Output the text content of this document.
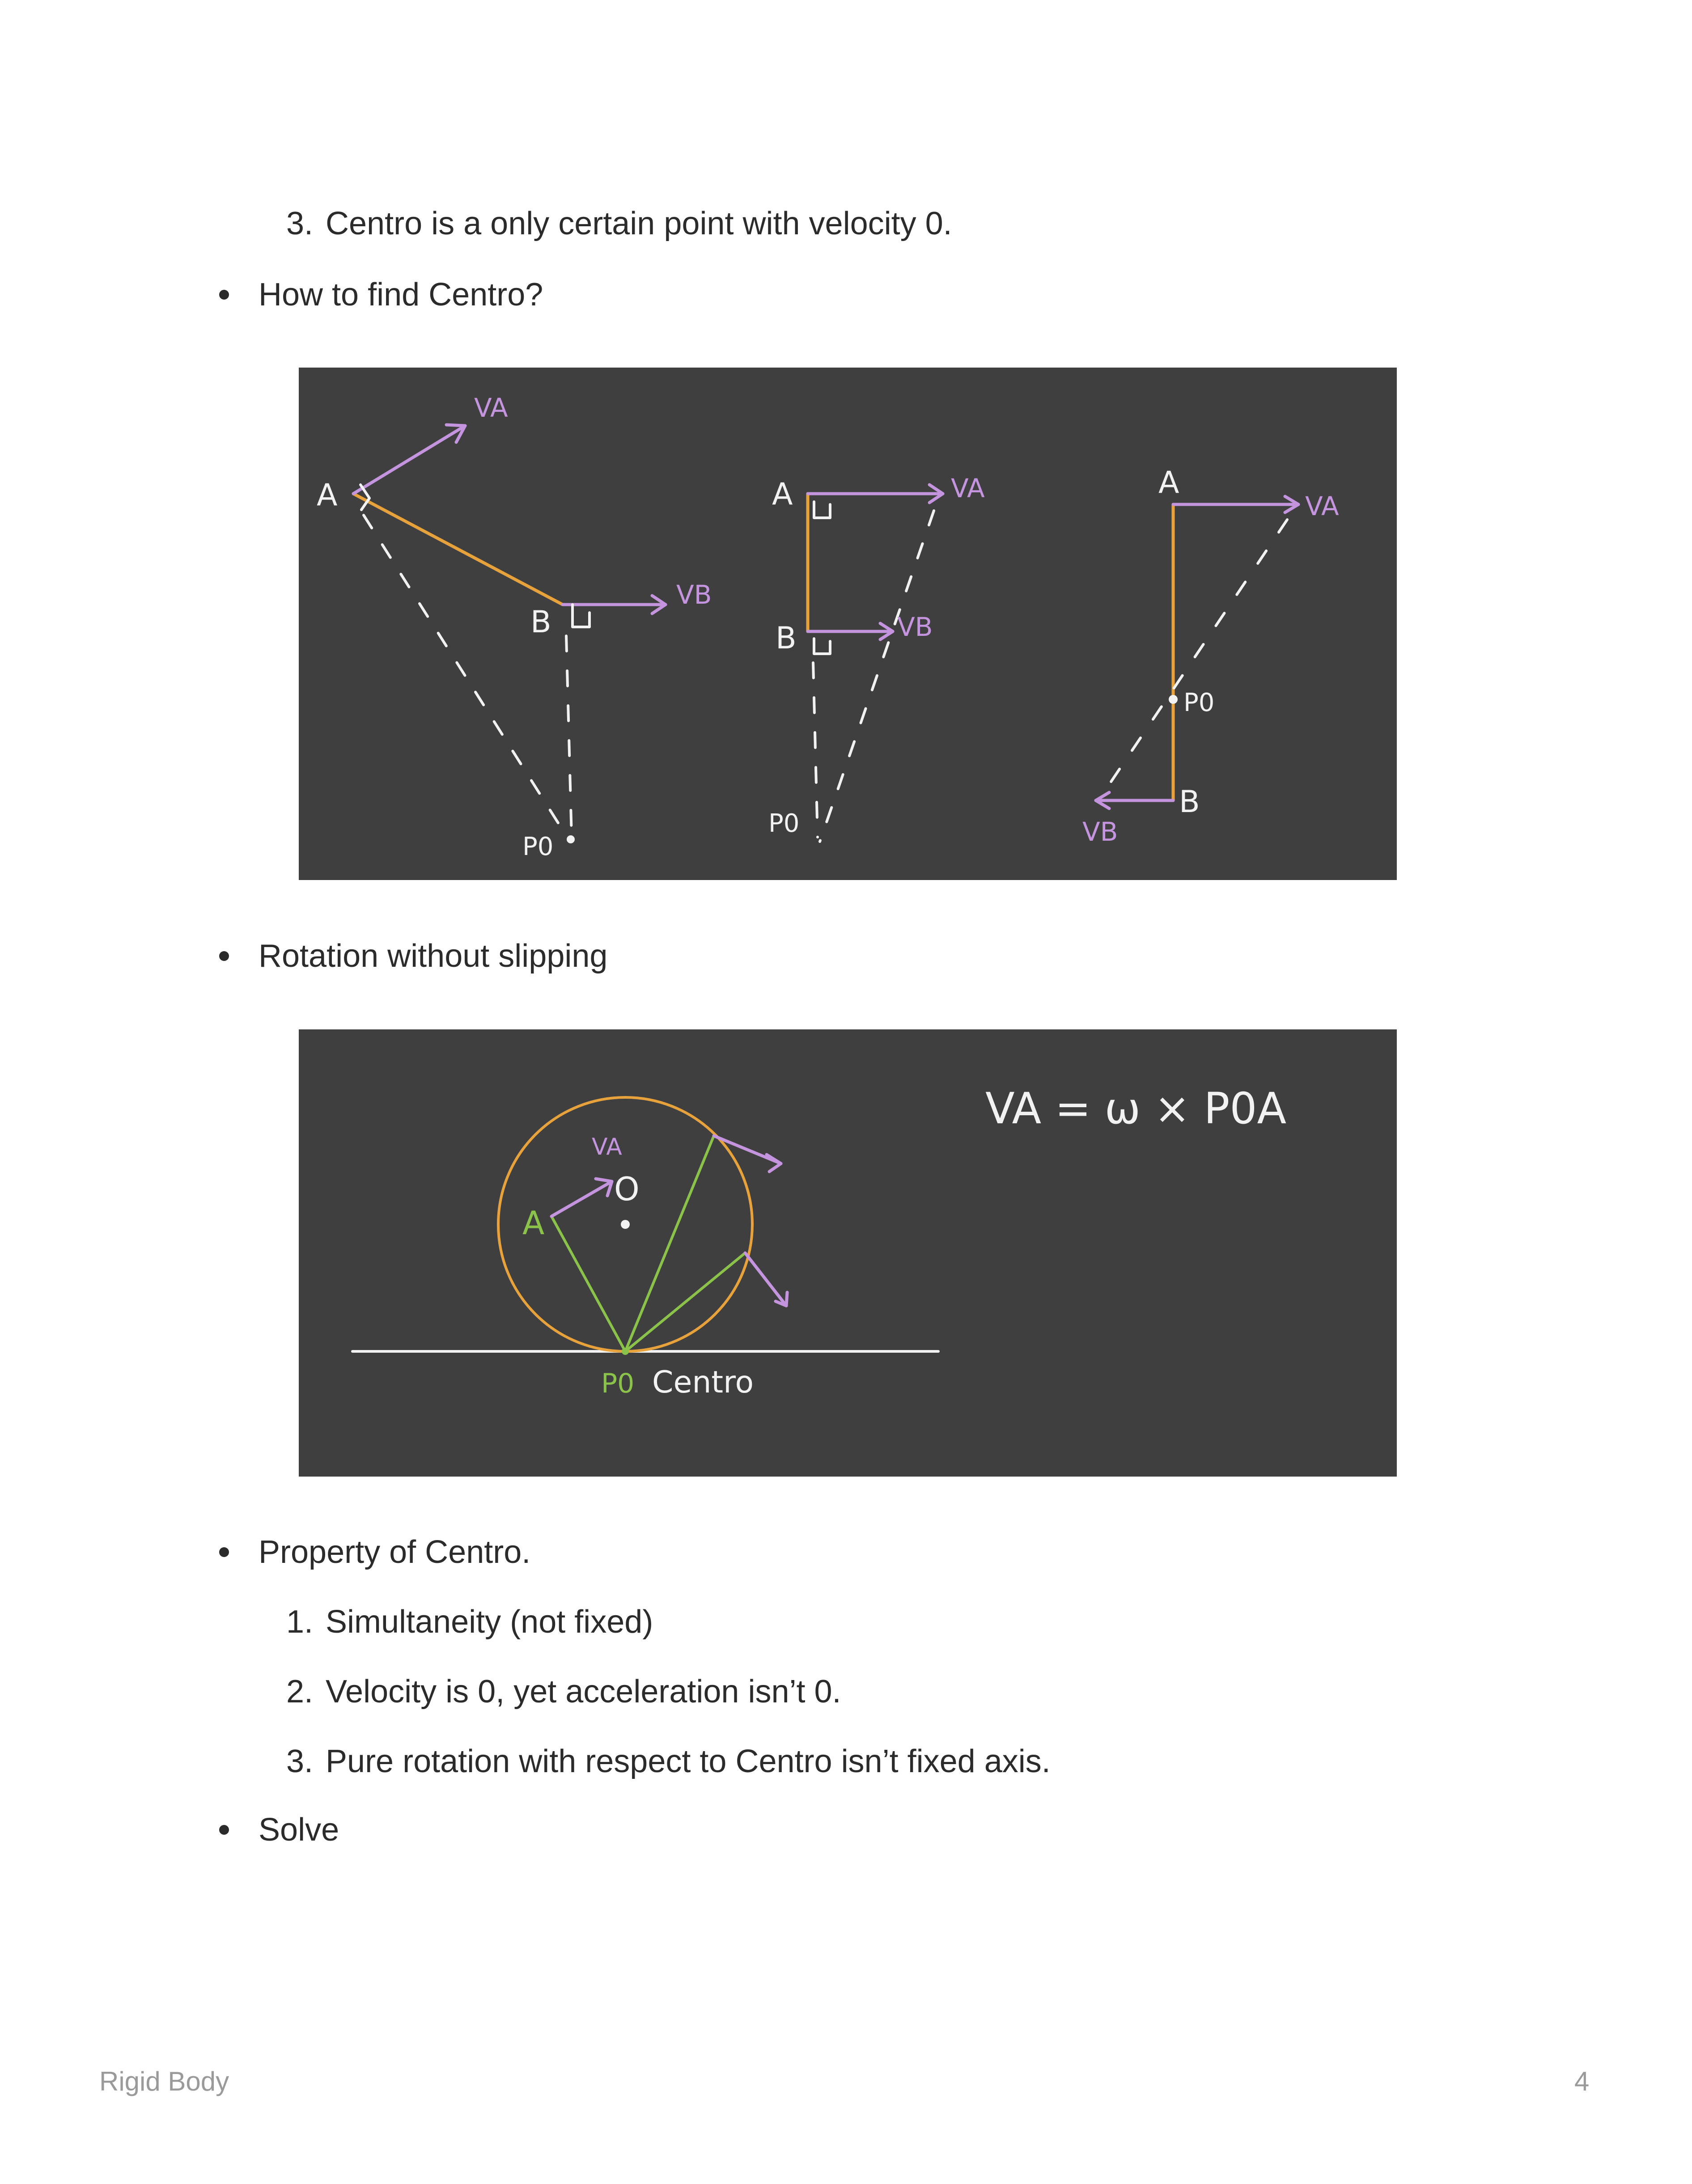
3. Centro is a only certain point with velocity 0.
How to find Centro?
A
B
A
B
A
B
P0
P0
P0
VA
VB
VA
VB
VA
VB
Rotation without slipping
A
O
VA
P0 Centro
VA = ω × P0A
Property of Centro.
1. Simultaneity (not fixed)
2. Velocity is 0, yet acceleration isn’t 0.
3. Pure rotation with respect to Centro isn’t fixed axis.
Solve
Rigid Body	4
